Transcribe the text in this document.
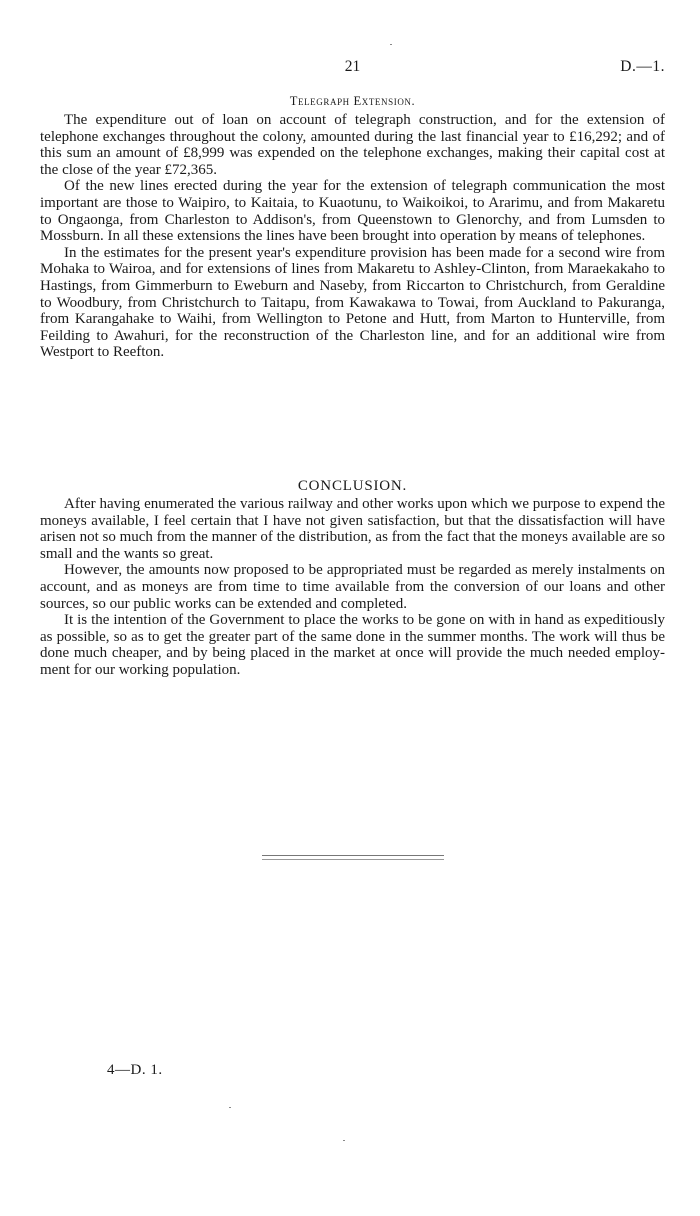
21	D.—1.
Telegraph Extension.

The expenditure out of loan on account of telegraph construction, and for the extension of telephone exchanges throughout the colony, amounted during the last financial year to £16,292; and of this sum an amount of £8,999 was expended on the telephone exchanges, making their capital cost at the close of the year £72,365.

Of the new lines erected during the year for the extension of telegraph communication the most important are those to Waipiro, to Kaitaia, to Kuaotunu, to Waikoikoi, to Ararimu, and from Makaretu to Ongaonga, from Charleston to Addison's, from Queenstown to Glenorchy, and from Lumsden to Mossburn. In all these extensions the lines have been brought into operation by means of telephones.

In the estimates for the present year's expenditure provision has been made for a second wire from Mohaka to Wairoa, and for extensions of lines from Makaretu to Ashley-Clinton, from Maraekakaho to Hastings, from Gimmerburn to Eweburn and Naseby, from Riccarton to Christchurch, from Geraldine to Woodbury, from Christchurch to Taitapu, from Kawakawa to Towai, from Auckland to Pakuranga, from Karangahake to Waihi, from Wellington to Petone and Hutt, from Marton to Hunterville, from Feilding to Awahuri, for the reconstruction of the Charleston line, and for an additional wire from Westport to Reefton.

CONCLUSION.

After having enumerated the various railway and other works upon which we purpose to expend the moneys available, I feel certain that I have not given satisfaction, but that the dissatisfaction will have arisen not so much from the manner of the distribution, as from the fact that the moneys available are so small and the wants so great.

However, the amounts now proposed to be appropriated must be regarded as merely instalments on account, and as moneys are from time to time available from the conversion of our loans and other sources, so our public works can be extended and completed.

It is the intention of the Government to place the works to be gone on with in hand as expeditiously as possible, so as to get the greater part of the same done in the summer months. The work will thus be done much cheaper, and by being placed in the market at once will provide the much needed employment for our working population.

4—D. 1.
